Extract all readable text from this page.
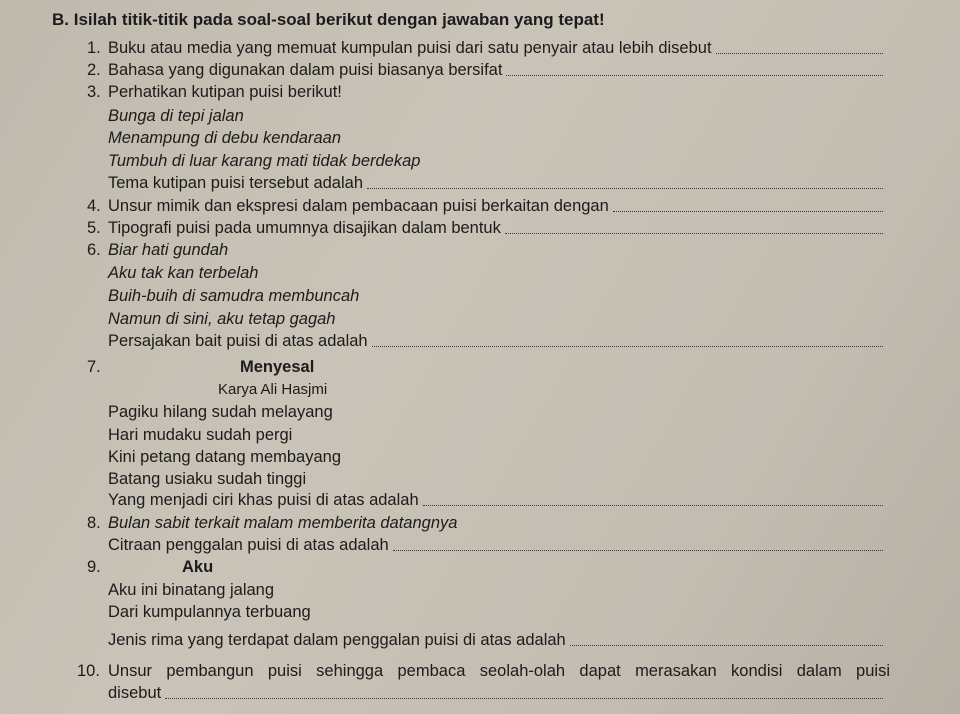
B. Isilah titik-titik pada soal-soal berikut dengan jawaban yang tepat!
1. Buku atau media yang memuat kumpulan puisi dari satu penyair atau lebih disebut
2. Bahasa yang digunakan dalam puisi biasanya bersifat
3. Perhatikan kutipan puisi berikut!
Bunga di tepi jalan
Menampung di debu kendaraan
Tumbuh di luar karang mati tidak berdekap
Tema kutipan puisi tersebut adalah
4. Unsur mimik dan ekspresi dalam pembacaan puisi berkaitan dengan
5. Tipografi puisi pada umumnya disajikan dalam bentuk
6. Biar hati gundah
Aku tak kan terbelah
Buih-buih di samudra membuncah
Namun di sini, aku tetap gagah
Persajakan bait puisi di atas adalah
7.	Menyesal
Karya Ali Hasjmi
Pagiku hilang sudah melayang
Hari mudaku sudah pergi
Kini petang datang membayang
Batang usiaku sudah tinggi
Yang menjadi ciri khas puisi di atas adalah
8. Bulan sabit terkait malam memberita datangnya
Citraan penggalan puisi di atas adalah
9.	Aku
Aku ini binatang jalang
Dari kumpulannya terbuang
Jenis rima yang terdapat dalam penggalan puisi di atas adalah
10. Unsur pembangun puisi sehingga pembaca seolah-olah dapat merasakan kondisi dalam puisi
disebut
